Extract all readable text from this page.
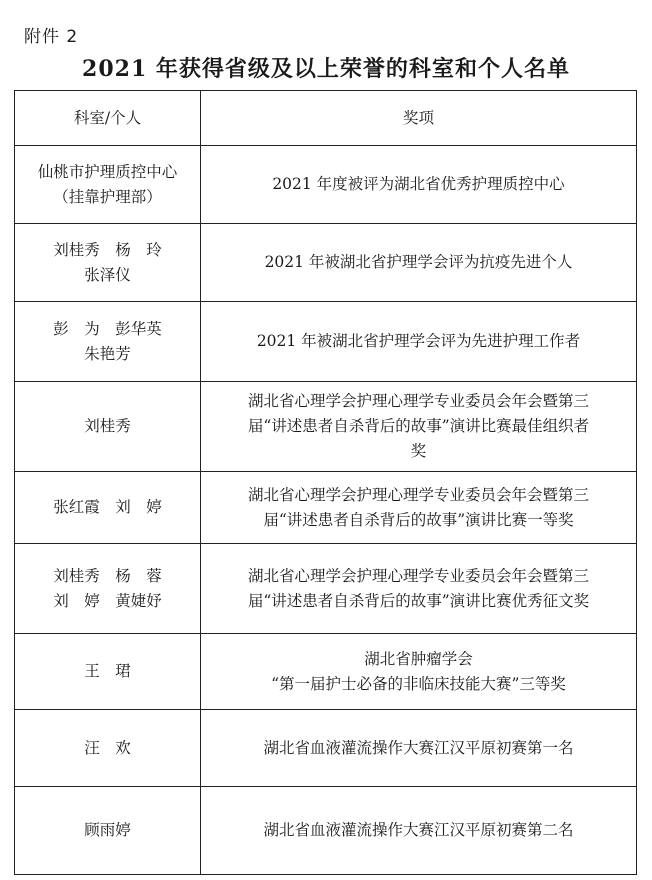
附件 2
2021 年获得省级及以上荣誉的科室和个人名单
科室/个人	奖项

仙桃市护理质控中心
（挂靠护理部）	2021 年度被评为湖北省优秀护理质控中心

刘桂秀　杨　玲
张泽仪	2021 年被湖北省护理学会评为抗疫先进个人

彭　为　彭华英
朱艳芳	2021 年被湖北省护理学会评为先进护理工作者

刘桂秀	湖北省心理学会护理心理学专业委员会年会暨第三
届“讲述患者自杀背后的故事”演讲比赛最佳组织者
奖

张红霞　刘　婷	湖北省心理学会护理心理学专业委员会年会暨第三
届“讲述患者自杀背后的故事”演讲比赛一等奖

刘桂秀　杨　蓉
刘　婷　黄婕妤	湖北省心理学会护理心理学专业委员会年会暨第三
届“讲述患者自杀背后的故事”演讲比赛优秀征文奖

王　珺	湖北省肿瘤学会
“第一届护士必备的非临床技能大赛”三等奖

汪　欢	湖北省血液灌流操作大赛江汉平原初赛第一名

顾雨婷	湖北省血液灌流操作大赛江汉平原初赛第二名
